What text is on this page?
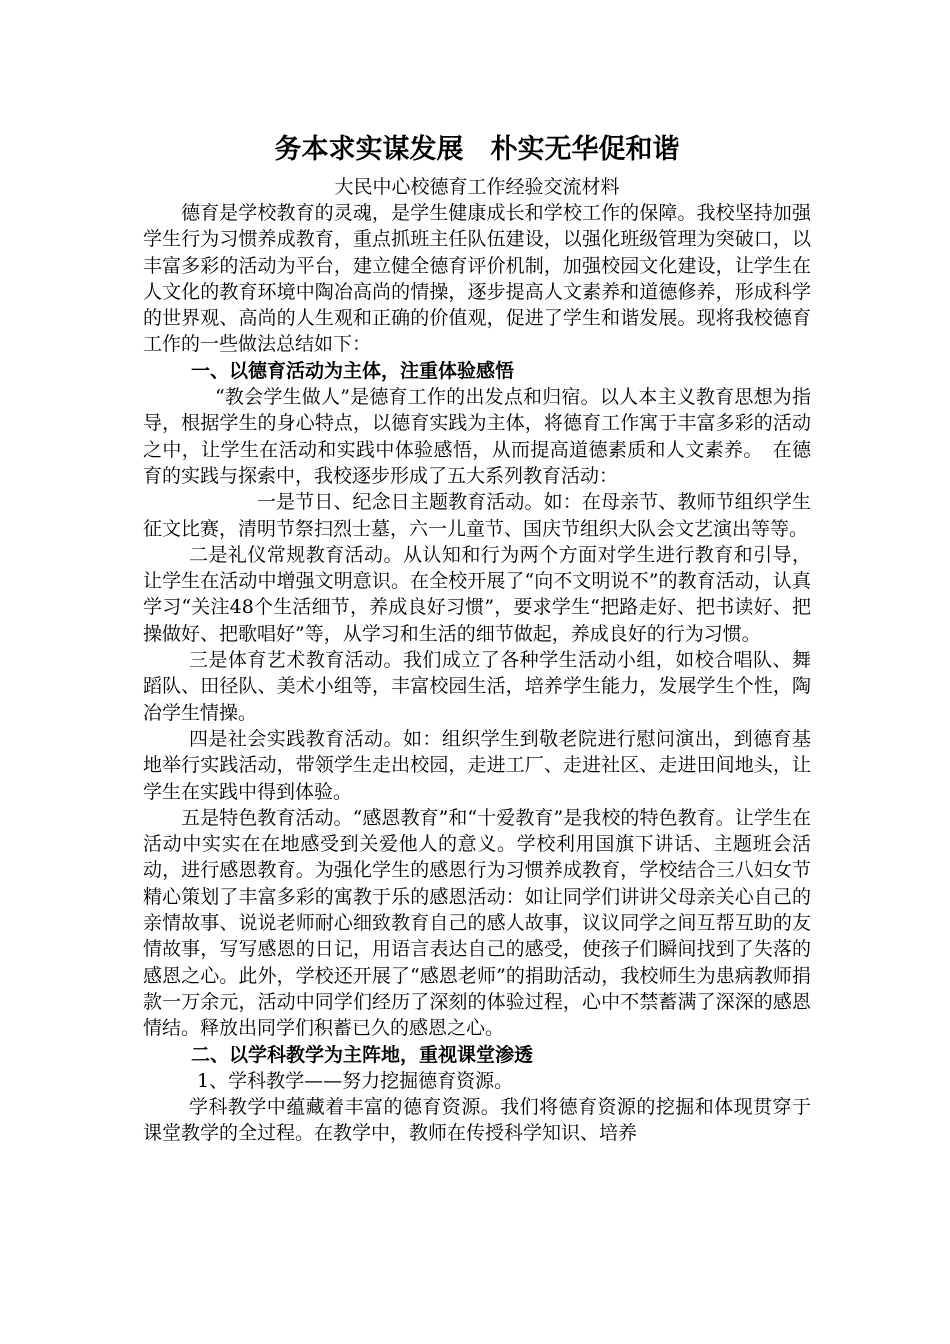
务本求实谋发展　朴实无华促和谐
大民中心校德育工作经验交流材料

德育是学校教育的灵魂，是学生健康成长和学校工作的保障。我校坚持加强学生行为习惯养成教育，重点抓班主任队伍建设，以强化班级管理为突破口，以丰富多彩的活动为平台，建立健全德育评价机制，加强校园文化建设，让学生在人文化的教育环境中陶冶高尚的情操，逐步提高人文素养和道德修养，形成科学的世界观、高尚的人生观和正确的价值观，促进了学生和谐发展。现将我校德育工作的一些做法总结如下：

一、以德育活动为主体，注重体验感悟

“教会学生做人”是德育工作的出发点和归宿。以人本主义教育思想为指导，根据学生的身心特点，以德育实践为主体，将德育工作寓于丰富多彩的活动之中，让学生在活动和实践中体验感悟，从而提高道德素质和人文素养。　在德育的实践与探索中，我校逐步形成了五大系列教育活动：

一是节日、纪念日主题教育活动。如：在母亲节、教师节组织学生征文比赛，清明节祭扫烈士墓，六一儿童节、国庆节组织大队会文艺演出等等。

二是礼仪常规教育活动。从认知和行为两个方面对学生进行教育和引导，让学生在活动中增强文明意识。在全校开展了“向不文明说不”的教育活动，认真学习“关注48个生活细节，养成良好习惯”，要求学生“把路走好、把书读好、把操做好、把歌唱好”等，从学习和生活的细节做起，养成良好的行为习惯。

三是体育艺术教育活动。我们成立了各种学生活动小组，如校合唱队、舞蹈队、田径队、美术小组等，丰富校园生活，培养学生能力，发展学生个性，陶冶学生情操。

四是社会实践教育活动。如：组织学生到敬老院进行慰问演出，到德育基地举行实践活动，带领学生走出校园，走进工厂、走进社区、走进田间地头，让学生在实践中得到体验。

五是特色教育活动。“感恩教育”和“十爱教育”是我校的特色教育。让学生在活动中实实在在地感受到关爱他人的意义。学校利用国旗下讲话、主题班会活动，进行感恩教育。为强化学生的感恩行为习惯养成教育，学校结合三八妇女节精心策划了丰富多彩的寓教于乐的感恩活动：如让同学们讲讲父母亲关心自己的亲情故事、说说老师耐心细致教育自己的感人故事，议议同学之间互帮互助的友情故事，写写感恩的日记，用语言表达自己的感受，使孩子们瞬间找到了失落的感恩之心。此外，学校还开展了“感恩老师”的捐助活动，我校师生为患病教师捐款一万余元，活动中同学们经历了深刻的体验过程，心中不禁蓄满了深深的感恩情结。释放出同学们积蓄已久的感恩之心。

二、以学科教学为主阵地，重视课堂渗透

1、学科教学——努力挖掘德育资源。

学科教学中蕴藏着丰富的德育资源。我们将德育资源的挖掘和体现贯穿于课堂教学的全过程。在教学中，教师在传授科学知识、培养
